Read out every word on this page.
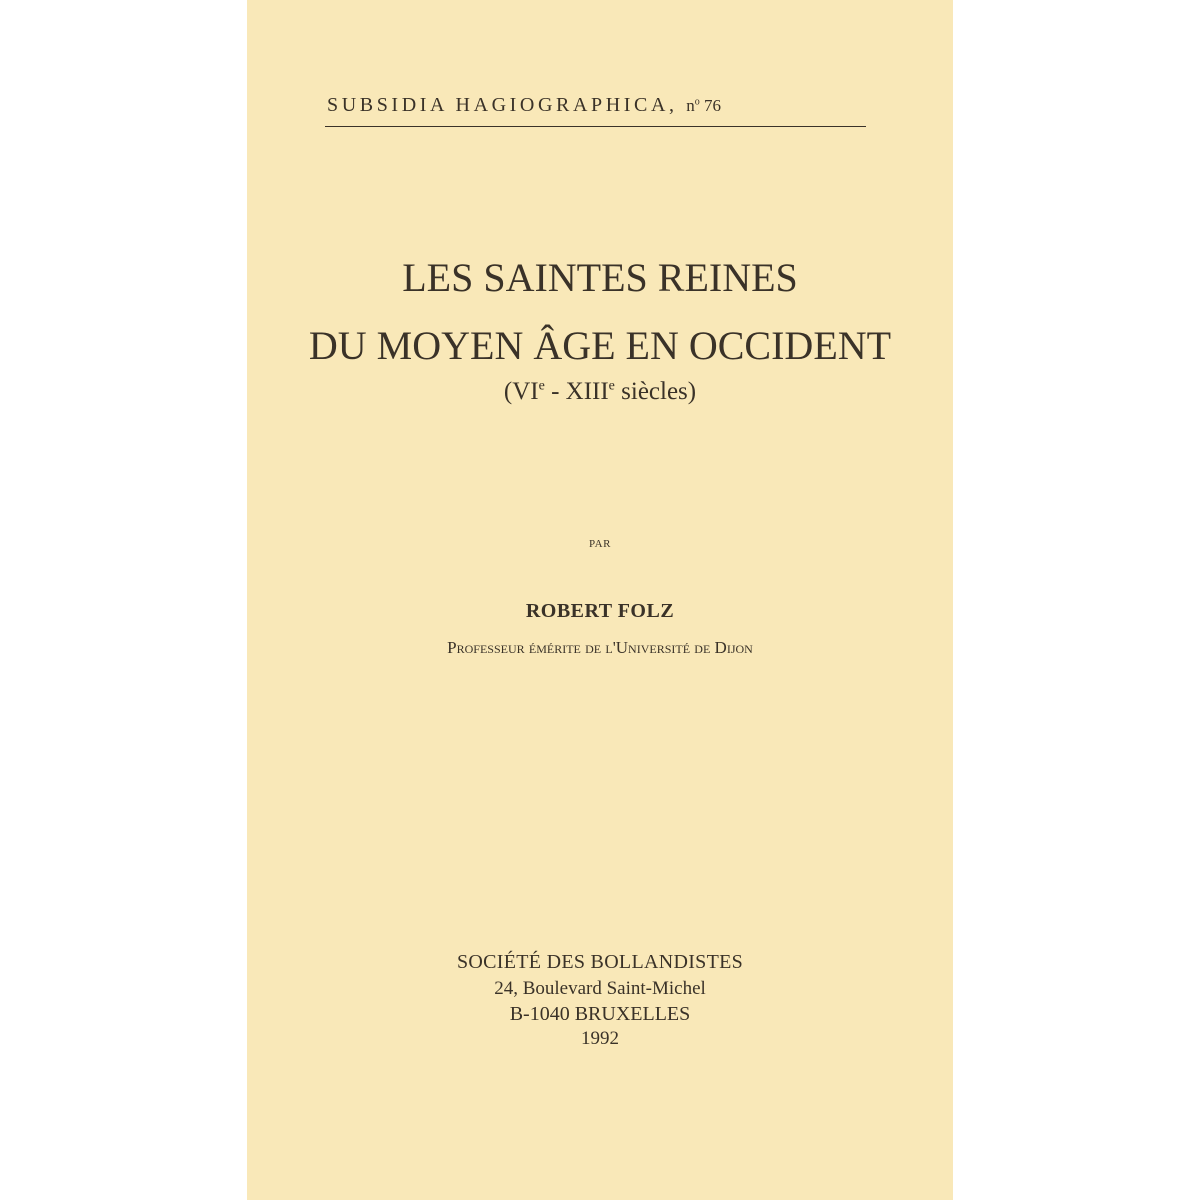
SUBSIDIA HAGIOGRAPHICA, $n^o$ 76
LES SAINTES REINES
DU MOYEN ÂGE EN OCCIDENT
(VIe - XIIIe siècles)
PAR
ROBERT FOLZ
Professeur émérite de l'Université de Dijon
SOCIÉTÉ DES BOLLANDISTES
24, Boulevard Saint-Michel
B-1040 BRUXELLES
1992
